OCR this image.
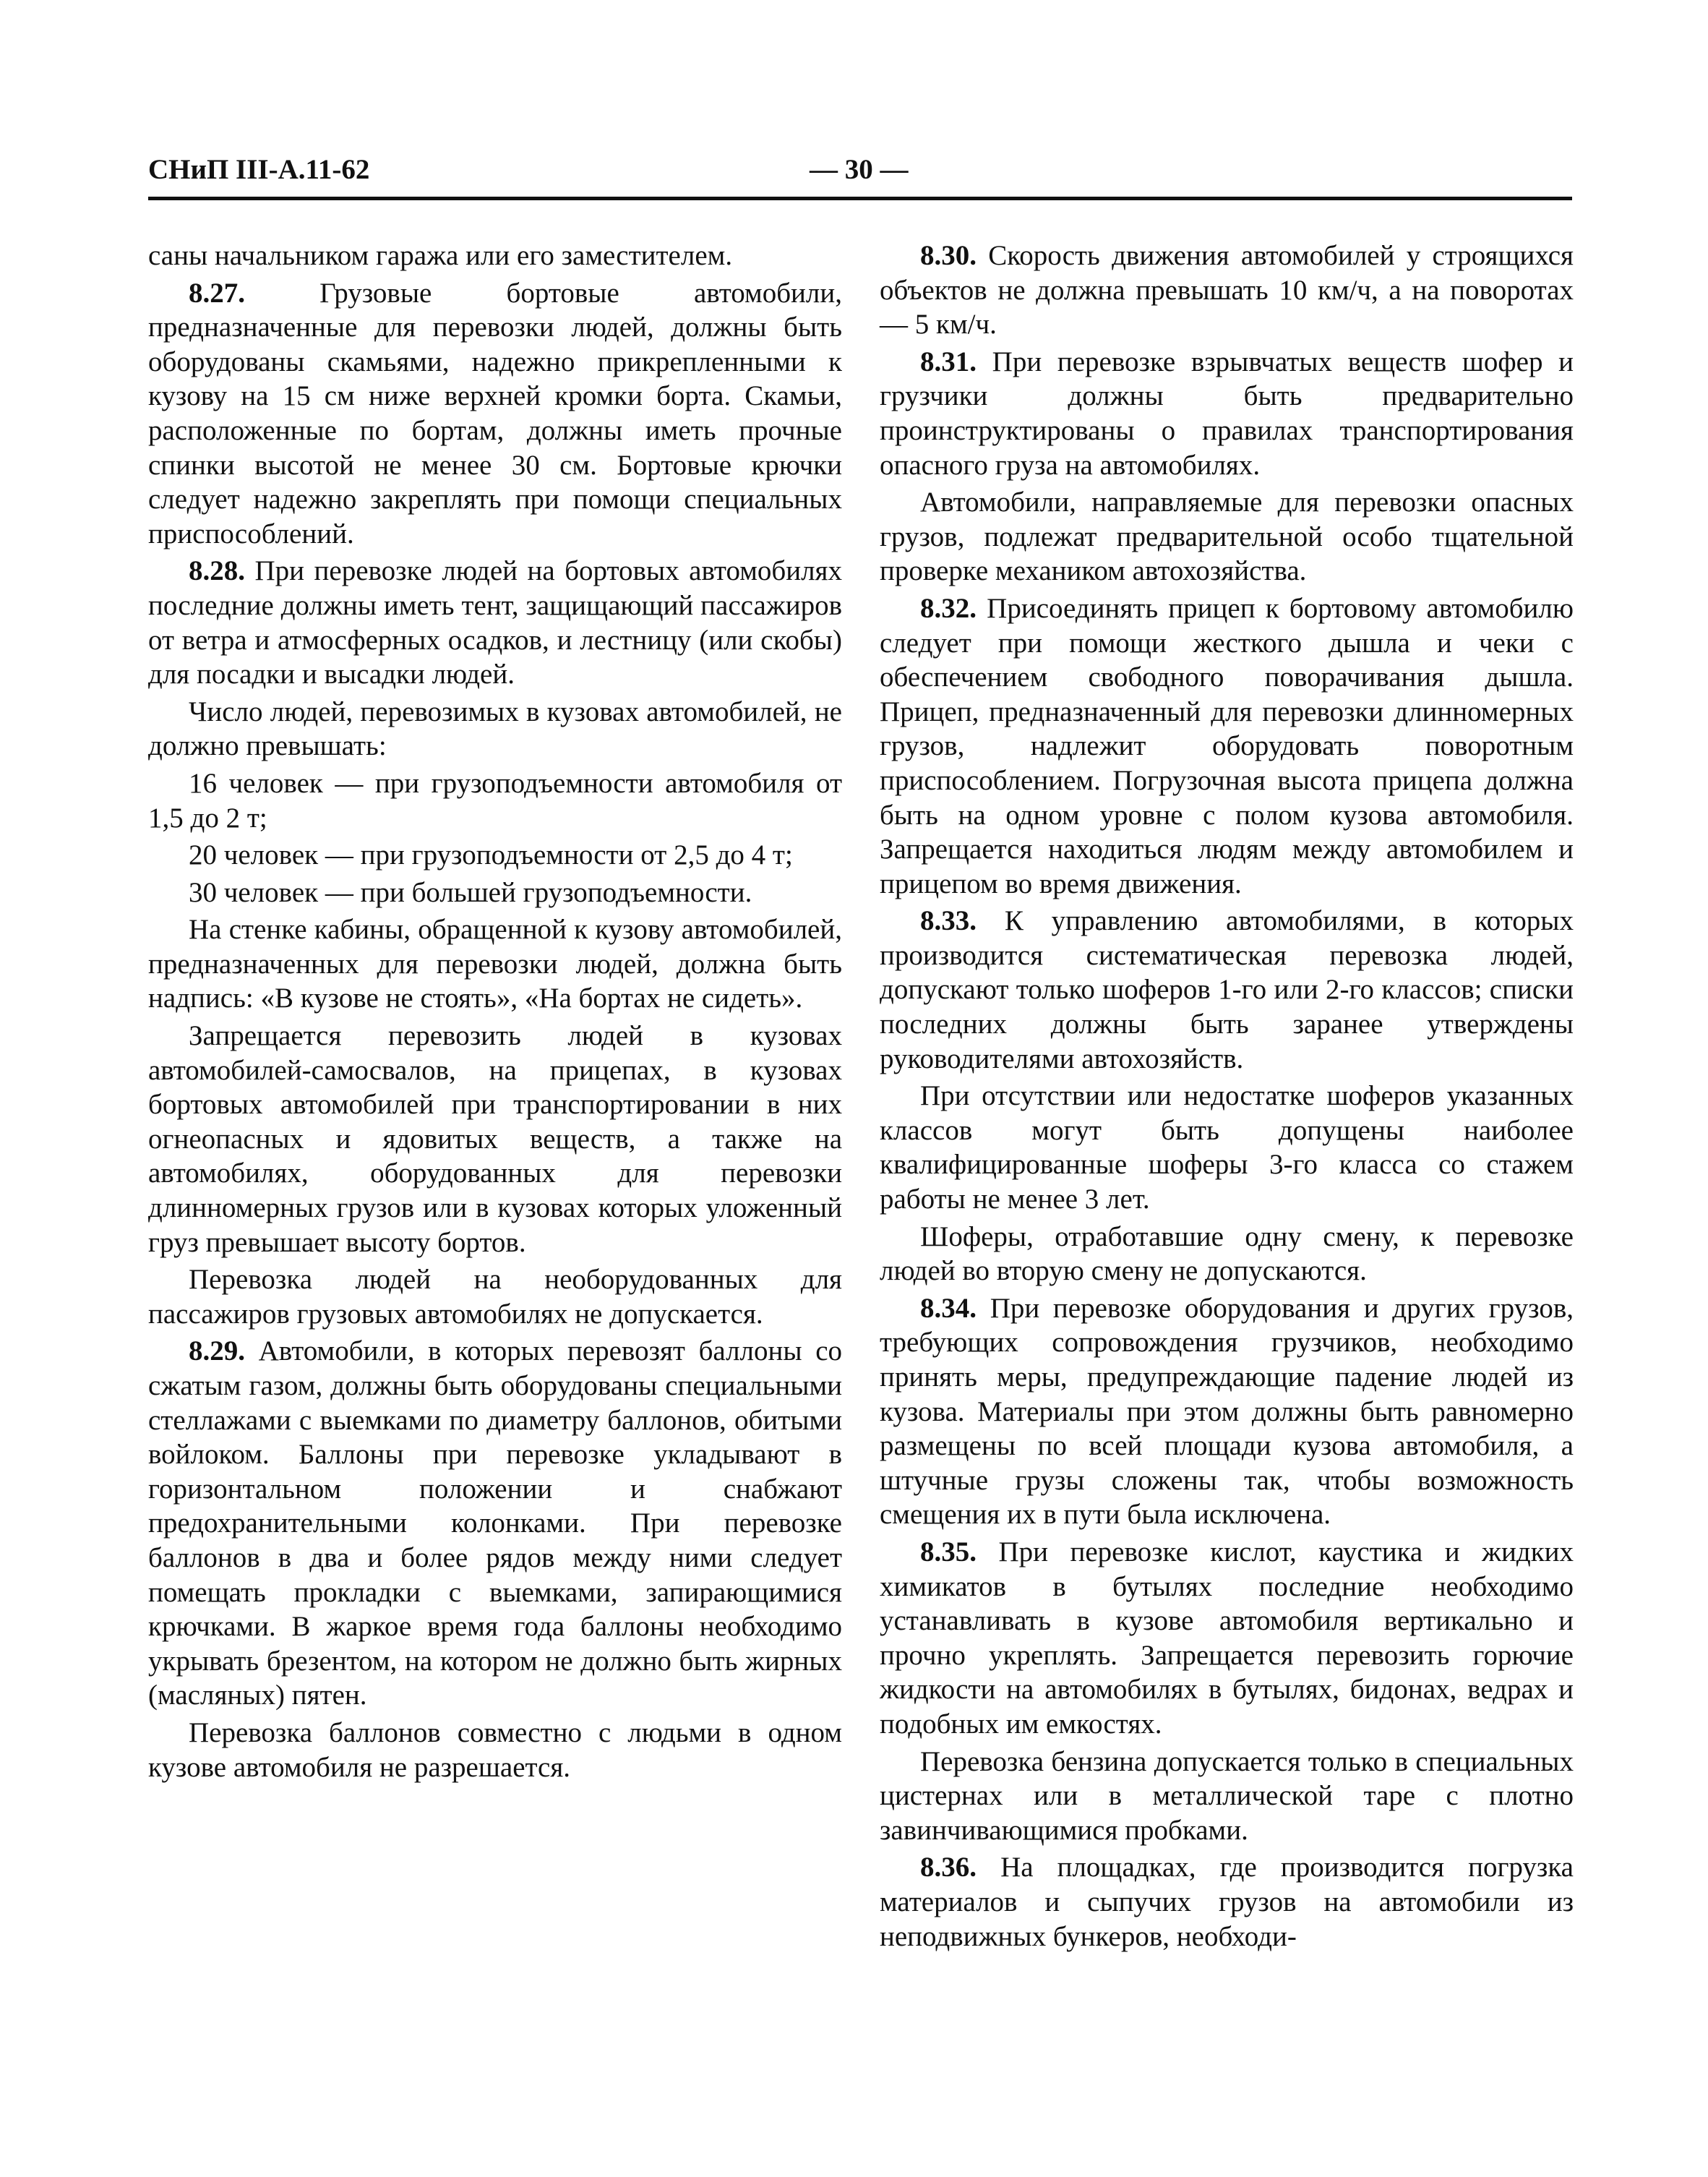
СНиП III-А.11-62	— 30 —

саны начальником гаража или его заместителем.

8.27.	Грузовые бортовые автомобили, предназначенные для перевозки людей, должны быть оборудованы скамьями, надежно прикрепленными к кузову на 15 см ниже верхней кромки борта. Скамьи, расположенные по бортам, должны иметь прочные спинки высотой не менее 30 см. Бортовые крючки следует надежно закреплять при помощи специальных приспособлений.

8.28. При перевозке людей на бортовых автомобилях последние должны иметь тент, защищающий пассажиров от ветра и атмосферных осадков, и лестницу (или скобы) для посадки и высадки людей.

Число людей, перевозимых в кузовах автомобилей, не должно превышать:

16 человек — при грузоподъемности автомобиля от 1,5 до 2 т;

20 человек — при грузоподъемности от 2,5 до 4 т;

30 человек — при большей грузоподъемности.

На стенке кабины, обращенной к кузову автомобилей, предназначенных для перевозки людей, должна быть надпись: «В кузове не стоять», «На бортах не сидеть».

Запрещается перевозить людей в кузовах автомобилей-самосвалов, на прицепах, в кузовах бортовых автомобилей при транспортировании в них огнеопасных и ядовитых веществ, а также на автомобилях, оборудованных для перевозки длинномерных грузов или в кузовах которых уложенный груз превышает высоту бортов.

Перевозка людей на необорудованных для пассажиров грузовых автомобилях не допускается.

8.29. Автомобили, в которых перевозят баллоны со сжатым газом, должны быть оборудованы специальными стеллажами с выемками по диаметру баллонов, обитыми войлоком. Баллоны при перевозке укладывают в горизонтальном положении и снабжают предохранительными колонками. При перевозке баллонов в два и более рядов между ними следует помещать прокладки с выемками, запирающимися крючками. В жаркое время года баллоны необходимо укрывать брезентом, на котором не должно быть жирных (масляных) пятен.

Перевозка баллонов совместно с людьми в одном кузове автомобиля не разрешается.

8.30. Скорость движения автомобилей у строящихся объектов не должна превышать 10 км/ч, а на поворотах — 5 км/ч.

8.31. При перевозке взрывчатых веществ шофер и грузчики должны быть предварительно проинструктированы о правилах транспортирования опасного груза на автомобилях.

Автомобили, направляемые для перевозки опасных грузов, подлежат предварительной особо тщательной проверке механиком автохозяйства.

8.32. Присоединять прицеп к бортовому автомобилю следует при помощи жесткого дышла и чеки с обеспечением свободного поворачивания дышла. Прицеп, предназначенный для перевозки длинномерных грузов, надлежит оборудовать поворотным приспособлением. Погрузочная высота прицепа должна быть на одном уровне с полом кузова автомобиля. Запрещается находиться людям между автомобилем и прицепом во время движения.

8.33. К управлению автомобилями, в которых производится систематическая перевозка людей, допускают только шоферов 1-го или 2-го классов; списки последних должны быть заранее утверждены руководителями автохозяйств.

При отсутствии или недостатке шоферов указанных классов могут быть допущены наиболее квалифицированные шоферы 3-го класса со стажем работы не менее 3 лет.

Шоферы, отработавшие одну смену, к перевозке людей во вторую смену не допускаются.

8.34. При перевозке оборудования и других грузов, требующих сопровождения грузчиков, необходимо принять меры, предупреждающие падение людей из кузова. Материалы при этом должны быть равномерно размещены по всей площади кузова автомобиля, а штучные грузы сложены так, чтобы возможность смещения их в пути была исключена.

8.35. При перевозке кислот, каустика и жидких химикатов в бутылях последние необходимо устанавливать в кузове автомобиля вертикально и прочно укреплять. Запрещается перевозить горючие жидкости на автомобилях в бутылях, бидонах, ведрах и подобных им емкостях.

Перевозка бензина допускается только в специальных цистернах или в металлической таре с плотно завинчивающимися пробками.

8.36. На площадках, где производится погрузка материалов и сыпучих грузов на автомобили из неподвижных бункеров, необходи-
